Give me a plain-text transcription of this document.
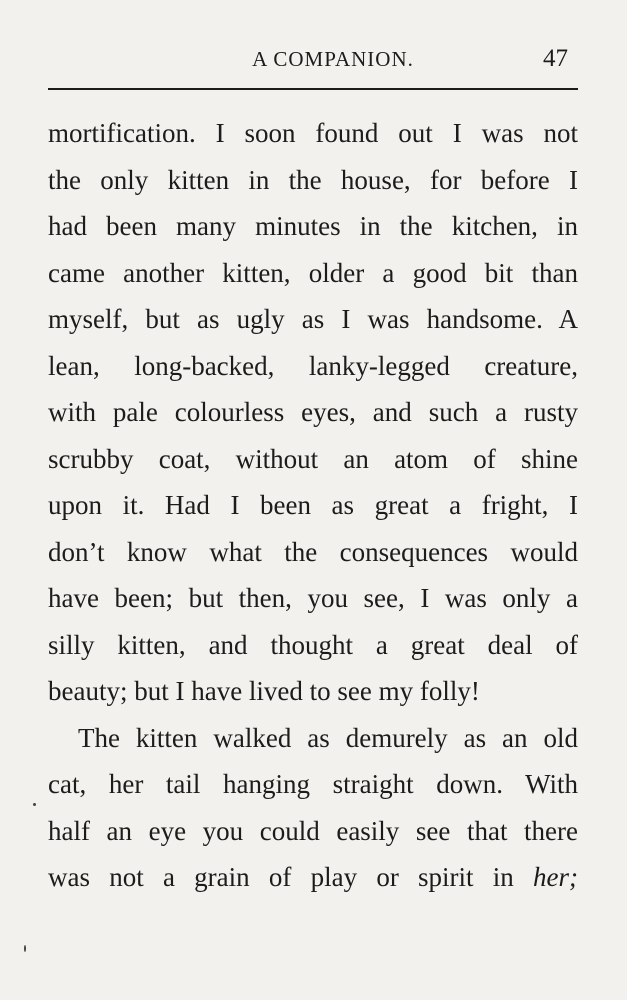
A COMPANION.	47
mortification. I soon found out I was not
the only kitten in the house, for before I
had been many minutes in the kitchen, in
came another kitten, older a good bit than
myself, but as ugly as I was handsome. A
lean, long-backed, lanky-legged creature,
with pale colourless eyes, and such a rusty
scrubby coat, without an atom of shine
upon it. Had I been as great a fright, I
don’t know what the consequences would
have been; but then, you see, I was only a
silly kitten, and thought a great deal of
beauty; but I have lived to see my folly!
The kitten walked as demurely as an old
cat, her tail hanging straight down. With
half an eye you could easily see that there
was not a grain of play or spirit in her;
